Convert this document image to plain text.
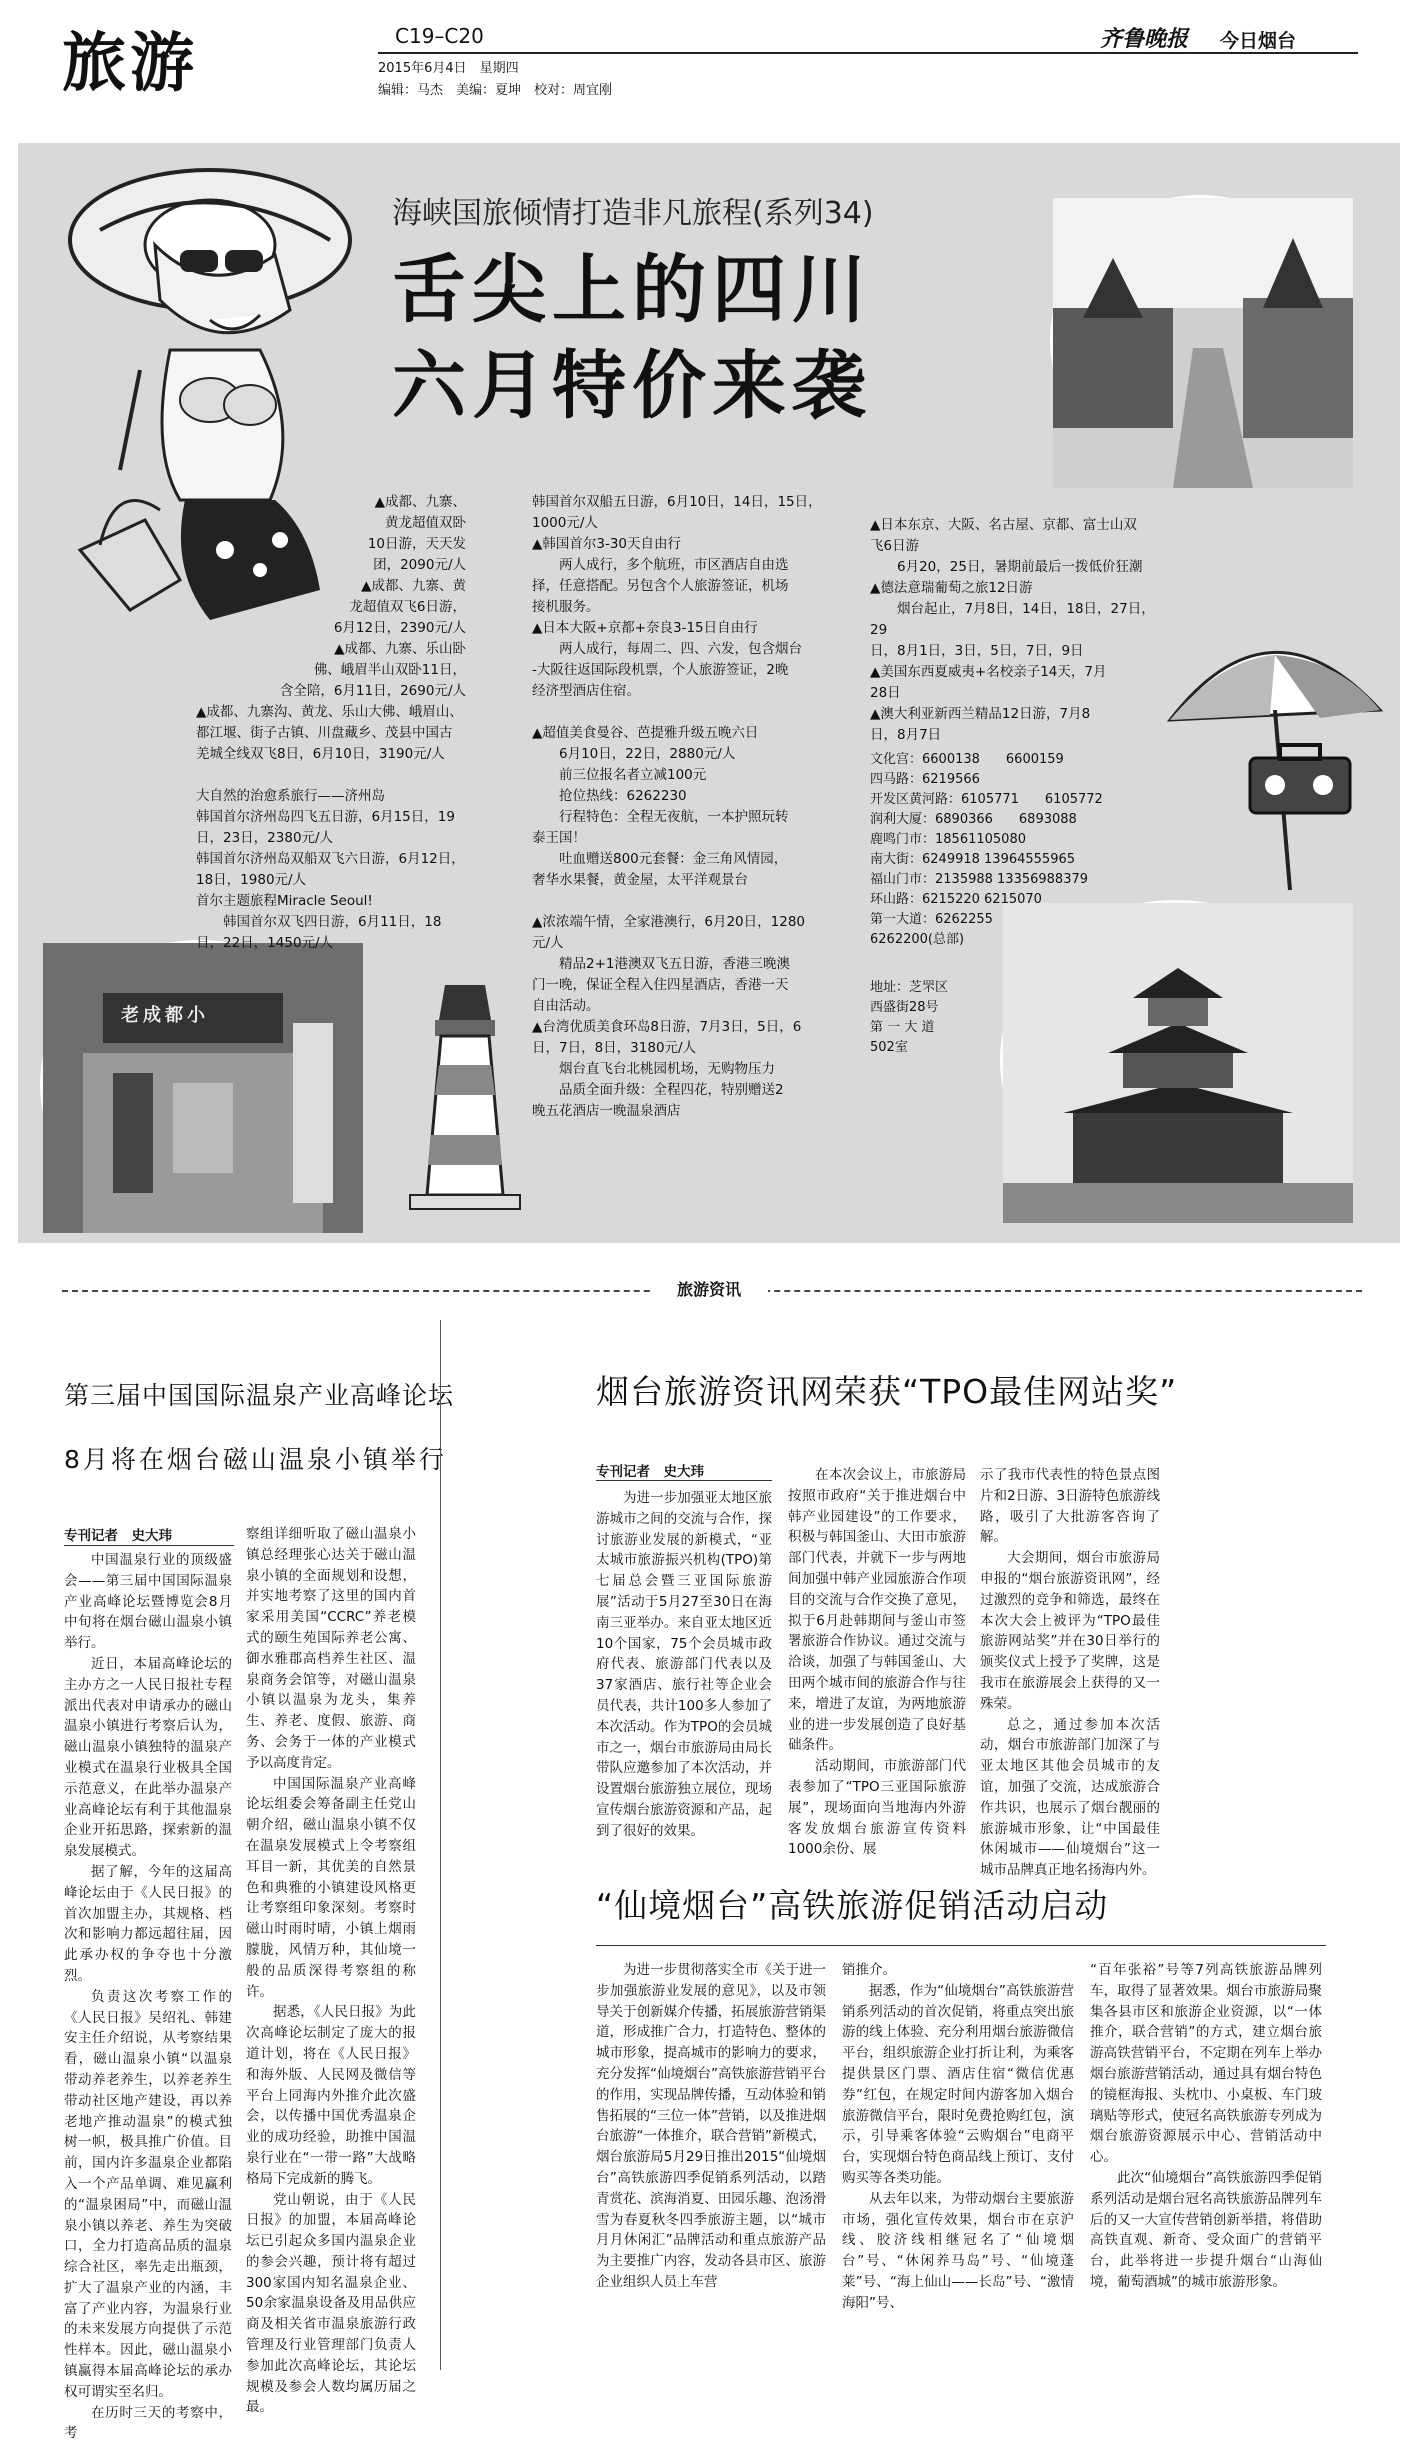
旅游	C19–C20
2015年6月4日　星期四
编辑：马杰　美编：夏坤　校对：周宜刚
齐鲁晚报 今日烟台
海峡国旅倾情打造非凡旅程(系列34)
舌尖上的四川
六月特价来袭
老成都小

▲成都、九寨、

黄龙超值双卧

10日游，天天发

团，2090元/人

▲成都、九寨、黄

龙超值双飞6日游，

6月12日，2390元/人

▲成都、九寨、乐山卧

佛、峨眉半山双卧11日，

含全陪，6月11日，2690元/人

▲成都、九寨沟、黄龙、乐山大佛、峨眉山、

都江堰、街子古镇、川盘藏乡、茂县中国古

羌城全线双飞8日，6月10日，3190元/人

大自然的治愈系旅行——济州岛

韩国首尔济州岛四飞五日游，6月15日，19

日，23日，2380元/人

韩国首尔济州岛双船双飞六日游，6月12日，

18日，1980元/人

首尔主题旅程Miracle Seoul!

韩国首尔双飞四日游，6月11日，18

日，22日，1450元/人

韩国首尔双船五日游，6月10日，14日，15日，

1000元/人

▲韩国首尔3-30天自由行

两人成行，多个航班，市区酒店自由选

择，任意搭配。另包含个人旅游签证，机场

接机服务。

▲日本大阪+京都+奈良3-15日自由行

两人成行，每周二、四、六发，包含烟台

-大阪往返国际段机票，个人旅游签证，2晚

经济型酒店住宿。

▲超值美食曼谷、芭提雅升级五晚六日

6月10日，22日，2880元/人

前三位报名者立减100元

抢位热线：6262230

行程特色：全程无夜航，一本护照玩转

泰王国！

吐血赠送800元套餐：金三角风情园，

奢华水果餐，黄金屋，太平洋观景台

▲浓浓端午情，全家港澳行，6月20日，1280

元/人

精品2+1港澳双飞五日游，香港三晚澳

门一晚，保证全程入住四星酒店，香港一天

自由活动。

▲台湾优质美食环岛8日游，7月3日，5日，6

日，7日，8日，3180元/人

烟台直飞台北桃园机场，无购物压力

品质全面升级：全程四花，特别赠送2

晚五花酒店一晚温泉酒店

▲日本东京、大阪、名古屋、京都、富士山双

飞6日游

6月20，25日，暑期前最后一拨低价狂潮

▲德法意瑞葡萄之旅12日游

烟台起止，7月8日，14日，18日，27日，29

日，8月1日，3日，5日，7日，9日

▲美国东西夏威夷+名校亲子14天，7月

28日

▲澳大利亚新西兰精品12日游，7月8

日，8月7日

文化宫：6600138　　6600159

四马路：6219566

开发区黄河路：6105771　　6105772

润利大厦：6890366　　6893088

鹿鸣门市：18561105080

南大街：6249918 13964555965

福山门市：2135988 13356988379

环山路：6215220 6215070

第一大道：6262255

6262200(总部)

地址：芝罘区

西盛街28号

第 一 大 道

502室

旅游资讯
第三届中国国际温泉产业高峰论坛
8月将在烟台磁山温泉小镇举行
专刊记者　史大玮

中国温泉行业的顶级盛会——第三届中国国际温泉产业高峰论坛暨博览会8月中旬将在烟台磁山温泉小镇举行。

近日，本届高峰论坛的主办方之一人民日报社专程派出代表对申请承办的磁山温泉小镇进行考察后认为，磁山温泉小镇独特的温泉产业模式在温泉行业极具全国示范意义，在此举办温泉产业高峰论坛有利于其他温泉企业开拓思路，探索新的温泉发展模式。

据了解，今年的这届高峰论坛由于《人民日报》的首次加盟主办，其规格、档次和影响力都远超往届，因此承办权的争夺也十分激烈。

负责这次考察工作的《人民日报》吴绍礼、韩建安主任介绍说，从考察结果看，磁山温泉小镇“以温泉带动养老养生，以养老养生带动社区地产建设，再以养老地产推动温泉”的模式独树一帜，极具推广价值。目前，国内许多温泉企业都陷入一个产品单调、难见赢利的“温泉困局”中，而磁山温泉小镇以养老、养生为突破口，全力打造高品质的温泉综合社区，率先走出瓶颈，扩大了温泉产业的内涵，丰富了产业内容，为温泉行业的未来发展方向提供了示范性样本。因此，磁山温泉小镇赢得本届高峰论坛的承办权可谓实至名归。

在历时三天的考察中，考

察组详细听取了磁山温泉小镇总经理张心达关于磁山温泉小镇的全面规划和设想，并实地考察了这里的国内首家采用美国“CCRC”养老模式的颐生苑国际养老公寓、御水雅郡高档养生社区、温泉商务会馆等，对磁山温泉小镇以温泉为龙头，集养生、养老、度假、旅游、商务、会务于一体的产业模式予以高度肯定。

中国国际温泉产业高峰论坛组委会筹备副主任党山朝介绍，磁山温泉小镇不仅在温泉发展模式上令考察组耳目一新，其优美的自然景色和典雅的小镇建设风格更让考察组印象深刻。考察时磁山时雨时晴，小镇上烟雨朦胧，风情万种，其仙境一般的品质深得考察组的称许。

据悉，《人民日报》为此次高峰论坛制定了庞大的报道计划，将在《人民日报》和海外版、人民网及微信等平台上同海内外推介此次盛会，以传播中国优秀温泉企业的成功经验，助推中国温泉行业在“一带一路”大战略格局下完成新的腾飞。

党山朝说，由于《人民日报》的加盟，本届高峰论坛已引起众多国内温泉企业的参会兴趣，预计将有超过300家国内知名温泉企业、50余家温泉设备及用品供应商及相关省市温泉旅游行政管理及行业管理部门负责人参加此次高峰论坛，其论坛规模及参会人数均属历届之最。

烟台旅游资讯网荣获“TPO最佳网站奖”
专刊记者　史大玮

为进一步加强亚太地区旅游城市之间的交流与合作，探讨旅游业发展的新模式，“亚太城市旅游振兴机构(TPO)第七届总会暨三亚国际旅游展”活动于5月27至30日在海南三亚举办。来自亚太地区近10个国家，75个会员城市政府代表、旅游部门代表以及37家酒店、旅行社等企业会员代表，共计100多人参加了本次活动。作为TPO的会员城市之一，烟台市旅游局由局长带队应邀参加了本次活动，并设置烟台旅游独立展位，现场宣传烟台旅游资源和产品，起到了很好的效果。

在本次会议上，市旅游局按照市政府“关于推进烟台中韩产业园建设”的工作要求，积极与韩国釜山、大田市旅游部门代表，并就下一步与两地间加强中韩产业园旅游合作项目的交流与合作交换了意见，拟于6月赴韩期间与釜山市签署旅游合作协议。通过交流与洽谈，加强了与韩国釜山、大田两个城市间的旅游合作与往来，增进了友谊，为两地旅游业的进一步发展创造了良好基础条件。

活动期间，市旅游部门代表参加了“TPO三亚国际旅游展”，现场面向当地海内外游客发放烟台旅游宣传资料1000余份、展

示了我市代表性的特色景点图片和2日游、3日游特色旅游线路，吸引了大批游客咨询了解。

大会期间，烟台市旅游局申报的“烟台旅游资讯网”，经过激烈的竞争和筛选，最终在本次大会上被评为“TPO最佳旅游网站奖”并在30日举行的颁奖仪式上授予了奖牌，这是我市在旅游展会上获得的又一殊荣。

总之，通过参加本次活动，烟台市旅游部门加深了与亚太地区其他会员城市的友谊，加强了交流，达成旅游合作共识，也展示了烟台靓丽的旅游城市形象，让“中国最佳休闲城市——仙境烟台”这一城市品牌真正地名扬海内外。

“仙境烟台”高铁旅游促销活动启动

为进一步贯彻落实全市《关于进一步加强旅游业发展的意见》，以及市领导关于创新媒介传播，拓展旅游营销渠道，形成推广合力，打造特色、整体的城市形象，提高城市的影响力的要求，充分发挥“仙境烟台”高铁旅游营销平台的作用，实现品牌传播，互动体验和销售拓展的“三位一体”营销，以及推进烟台旅游“一体推介，联合营销”新模式，烟台旅游局5月29日推出2015“仙境烟台”高铁旅游四季促销系列活动，以踏青赏花、滨海消夏、田园乐趣、泡汤滑雪为春夏秋冬四季旅游主题，以“城市月月休闲汇”品牌活动和重点旅游产品为主要推广内容，发动各县市区、旅游企业组织人员上车营

销推介。

据悉，作为“仙境烟台”高铁旅游营销系列活动的首次促销，将重点突出旅游的线上体验、充分利用烟台旅游微信平台，组织旅游企业打折让利，为乘客提供景区门票、酒店住宿“微信优惠券”红包，在规定时间内游客加入烟台旅游微信平台，限时免费抢购红包，演示，引导乘客体验“云购烟台”电商平台，实现烟台特色商品线上预订、支付购买等各类功能。

从去年以来，为带动烟台主要旅游市场，强化宣传效果，烟台市在京沪线、胶济线相继冠名了“仙境烟台”号、“休闲养马岛”号、“仙境蓬莱”号、“海上仙山——长岛”号、“激情海阳”号、

“百年张裕”号等7列高铁旅游品牌列车，取得了显著效果。烟台市旅游局聚集各县市区和旅游企业资源，以“一体推介，联合营销”的方式，建立烟台旅游高铁营销平台，不定期在列车上举办烟台旅游营销活动，通过具有烟台特色的镜框海报、头枕巾、小桌板、车门玻璃贴等形式，使冠名高铁旅游专列成为烟台旅游资源展示中心、营销活动中心。

此次“仙境烟台”高铁旅游四季促销系列活动是烟台冠名高铁旅游品牌列车后的又一大宣传营销创新举措，将借助高铁直观、新奇、受众面广的营销平台，此举将进一步提升烟台“山海仙境，葡萄酒城”的城市旅游形象。
